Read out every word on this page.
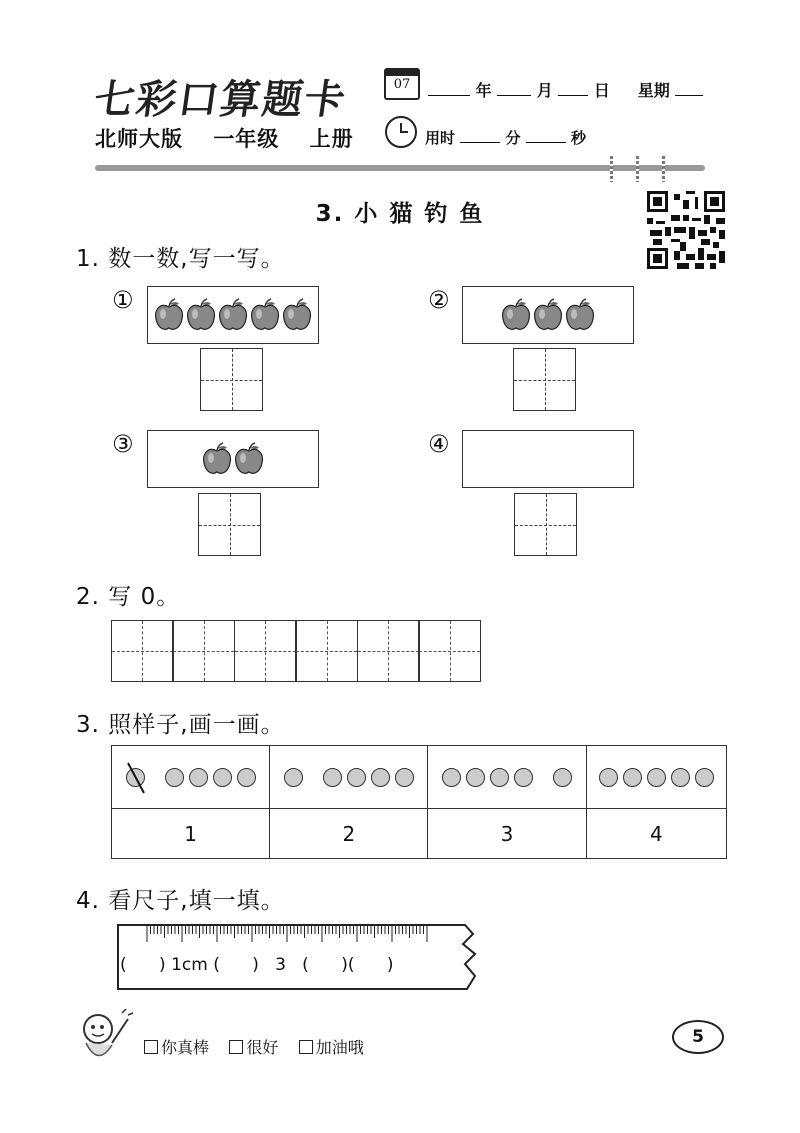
七彩口算题卡
北师大版 一年级 上册
07	年	月	日 星期
用时	分	秒
3. 小 猫 钓 鱼
1. 数一数,写一写。
①	②
③	④
2. 写 0。
3. 照样子,画一画。

1	2	3	4
4. 看尺子,填一填。
(      ) 1cm (      )   3   (      )(      )
你真棒 很好 加油哦
5
